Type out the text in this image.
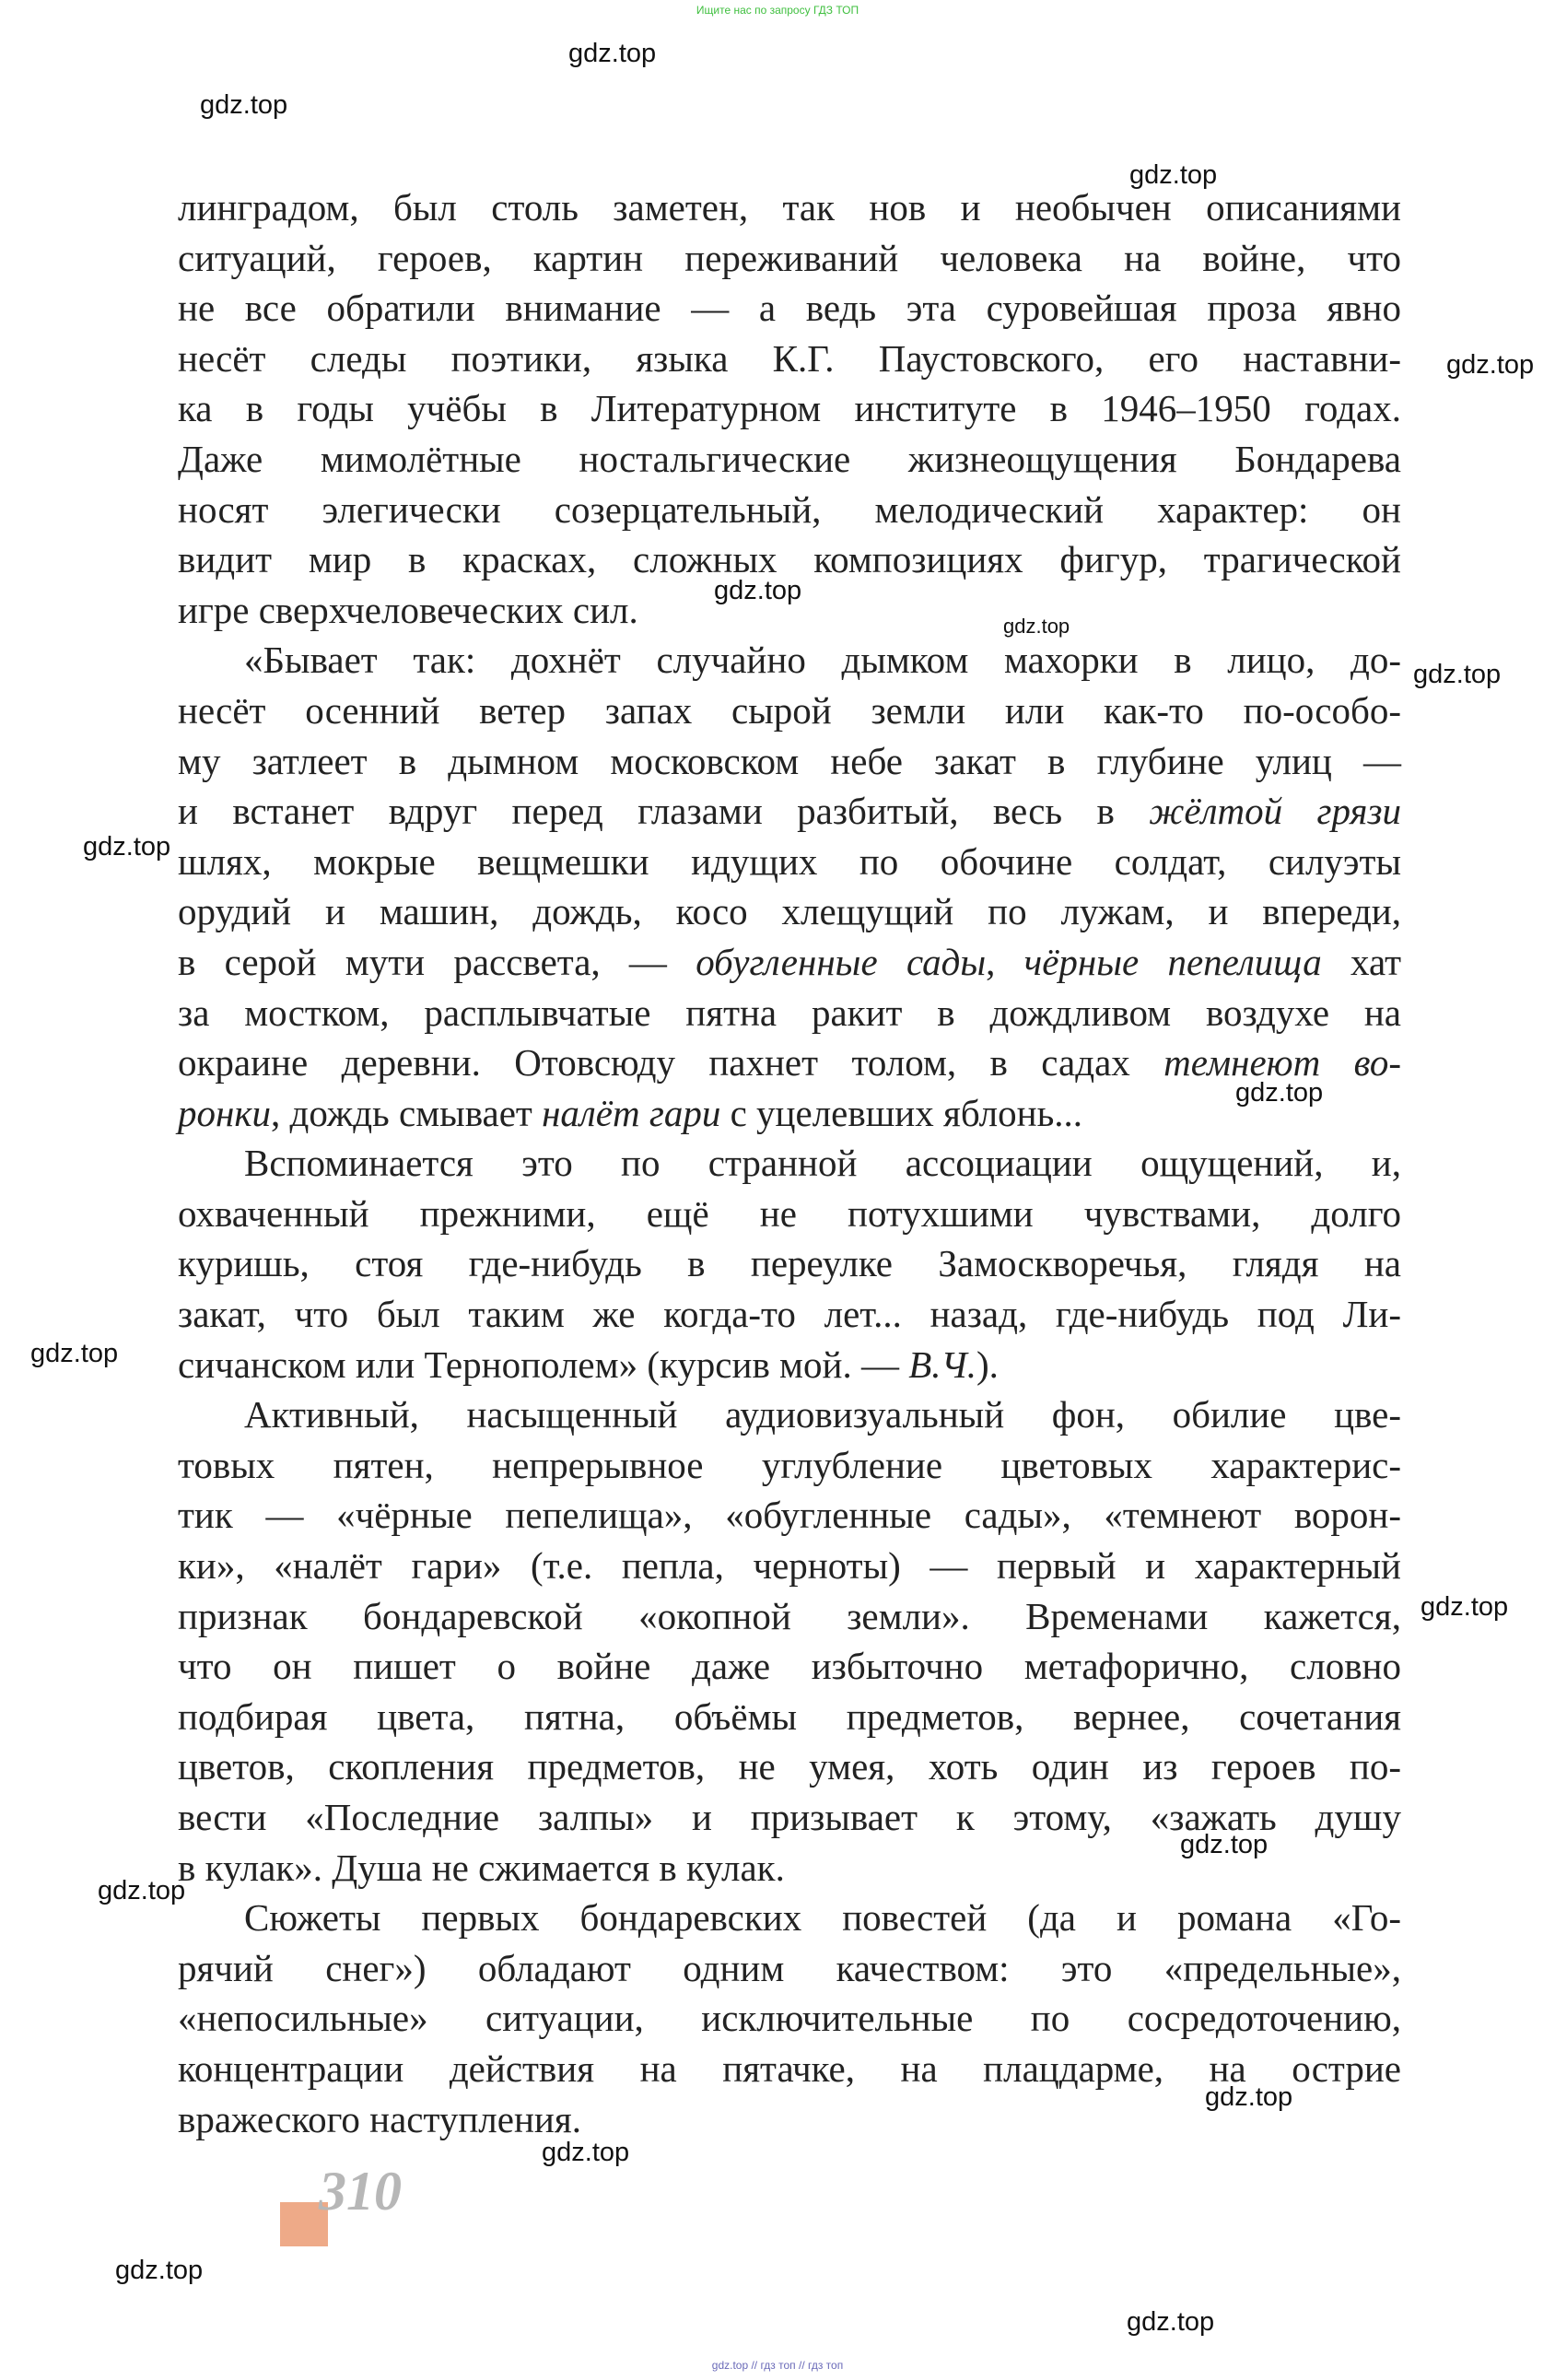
Ищите нас по запросу ГДЗ ТОП
gdz.top
gdz.top
gdz.top
gdz.top
gdz.top
gdz.top
gdz.top
gdz.top
gdz.top
gdz.top
gdz.top
gdz.top
gdz.top
gdz.top
gdz.top
gdz.top
gdz.top
линградом, был столь заметен, так нов и необычен описаниями
ситуаций, героев, картин переживаний человека на войне, что
не все обратили внимание — а ведь эта суровейшая проза явно
несёт следы поэтики, языка К.Г. Паустовского, его наставни-
ка в годы учёбы в Литературном институте в 1946–1950 годах.
Даже мимолётные ностальгические жизнеощущения Бондарева
носят элегически созерцательный, мелодический характер: он
видит мир в красках, сложных композициях фигур, трагической
игре сверхчеловеческих сил.
«Бывает так: дохнёт случайно дымком махорки в лицо, до-
несёт осенний ветер запах сырой земли или как-то по-особо-
му затлеет в дымном московском небе закат в глубине улиц —
и встанет вдруг перед глазами разбитый, весь в жёлтой грязи
шлях, мокрые вещмешки идущих по обочине солдат, силуэты
орудий и машин, дождь, косо хлещущий по лужам, и впереди,
в серой мути рассвета, — обугленные сады, чёрные пепелища хат
за мостком, расплывчатые пятна ракит в дождливом воздухе на
окраине деревни. Отовсюду пахнет толом, в садах темнеют во-
ронки, дождь смывает налёт гари с уцелевших яблонь...
Вспоминается это по странной ассоциации ощущений, и,
охваченный прежними, ещё не потухшими чувствами, долго
куришь, стоя где-нибудь в переулке Замоскворечья, глядя на
закат, что был таким же когда-то лет... назад, где-нибудь под Ли-
сичанском или Тернополем» (курсив мой. — В.Ч.).
Активный, насыщенный аудиовизуальный фон, обилие цве-
товых пятен, непрерывное углубление цветовых характерис-
тик — «чёрные пепелища», «обугленные сады», «темнеют ворон-
ки», «налёт гари» (т.е. пепла, черноты) — первый и характерный
признак бондаревской «окопной земли». Временами кажется,
что он пишет о войне даже избыточно метафорично, словно
подбирая цвета, пятна, объёмы предметов, вернее, сочетания
цветов, скопления предметов, не умея, хоть один из героев по-
вести «Последние залпы» и призывает к этому, «зажать душу
в кулак». Душа не сжимается в кулак.
Сюжеты первых бондаревских повестей (да и романа «Го-
рячий снег») обладают одним качеством: это «предельные»,
«непосильные» ситуации, исключительные по сосредоточению,
концентрации действия на пятачке, на плацдарме, на острие
вражеского наступления.
310
gdz.top // гдз топ // гдз топ
